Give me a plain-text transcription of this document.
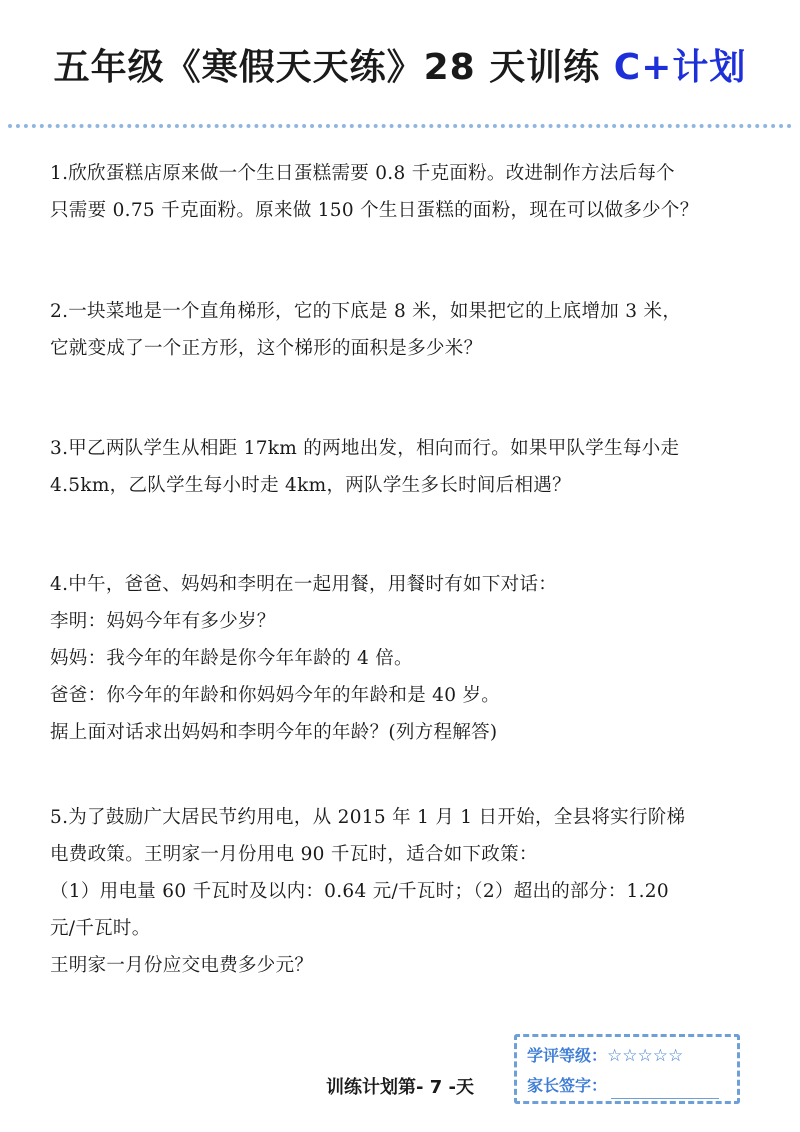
五年级《寒假天天练》28 天训练 C+计划
1.欣欣蛋糕店原来做一个生日蛋糕需要 0.8 千克面粉。改进制作方法后每个
只需要 0.75 千克面粉。原来做 150 个生日蛋糕的面粉，现在可以做多少个？
2.一块菜地是一个直角梯形，它的下底是 8 米，如果把它的上底增加 3 米，
它就变成了一个正方形，这个梯形的面积是多少米？
3.甲乙两队学生从相距 17km 的两地出发，相向而行。如果甲队学生每小走
4.5km，乙队学生每小时走 4km，两队学生多长时间后相遇？
4.中午，爸爸、妈妈和李明在一起用餐，用餐时有如下对话：
李明：妈妈今年有多少岁？
妈妈：我今年的年龄是你今年年龄的 4 倍。
爸爸：你今年的年龄和你妈妈今年的年龄和是 40 岁。
据上面对话求出妈妈和李明今年的年龄？(列方程解答)
5.为了鼓励广大居民节约用电，从 2015 年 1 月 1 日开始，全县将实行阶梯
电费政策。王明家一月份用电 90 千瓦时，适合如下政策：
（1）用电量 60 千瓦时及以内：0.64 元/千瓦时；（2）超出的部分：1.20
元/千瓦时。
王明家一月份应交电费多少元？
训练计划第- 7 -天
学评等级：☆☆☆☆☆
家长签字：
